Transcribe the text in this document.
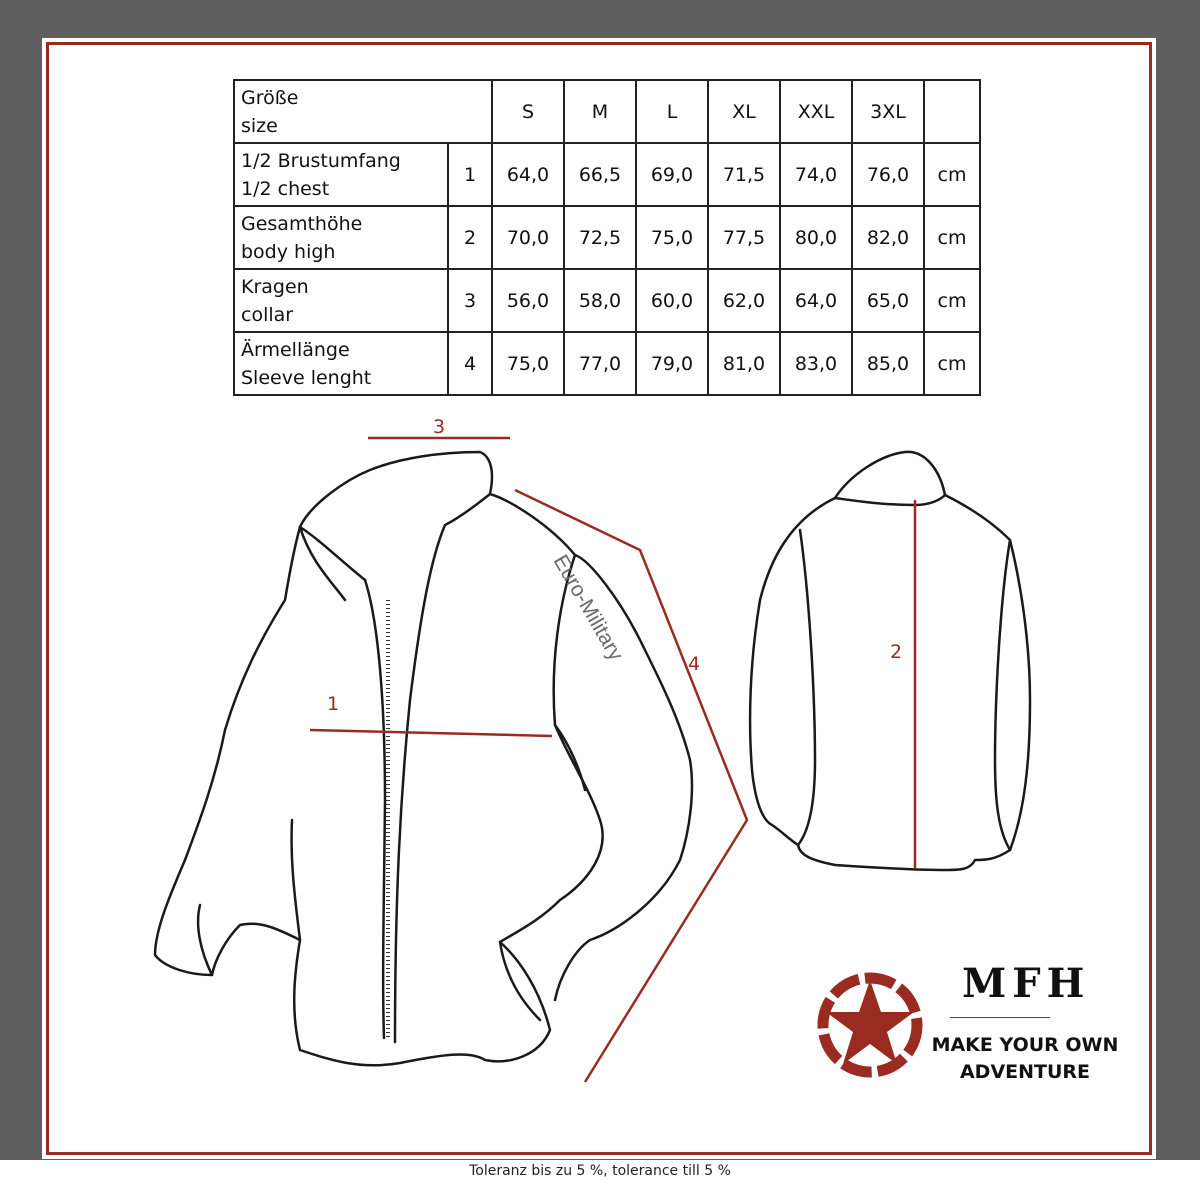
Größe
size		S	M	L	XL	XXL	3XL	
1/2 Brustumfang
1/2 chest	1	64,0	66,5	69,0	71,5	74,0	76,0	cm
Gesamthöhe
body high	2	70,0	72,5	75,0	77,5	80,0	82,0	cm
Kragen
collar	3	56,0	58,0	60,0	62,0	64,0	65,0	cm
Ärmellänge
Sleeve lenght	4	75,0	77,0	79,0	81,0	83,0	85,0	cm
3
1
4
2
Euro-Military
MFH
MAKE YOUR OWN
ADVENTURE
Toleranz bis zu 5 %, tolerance till 5 %
